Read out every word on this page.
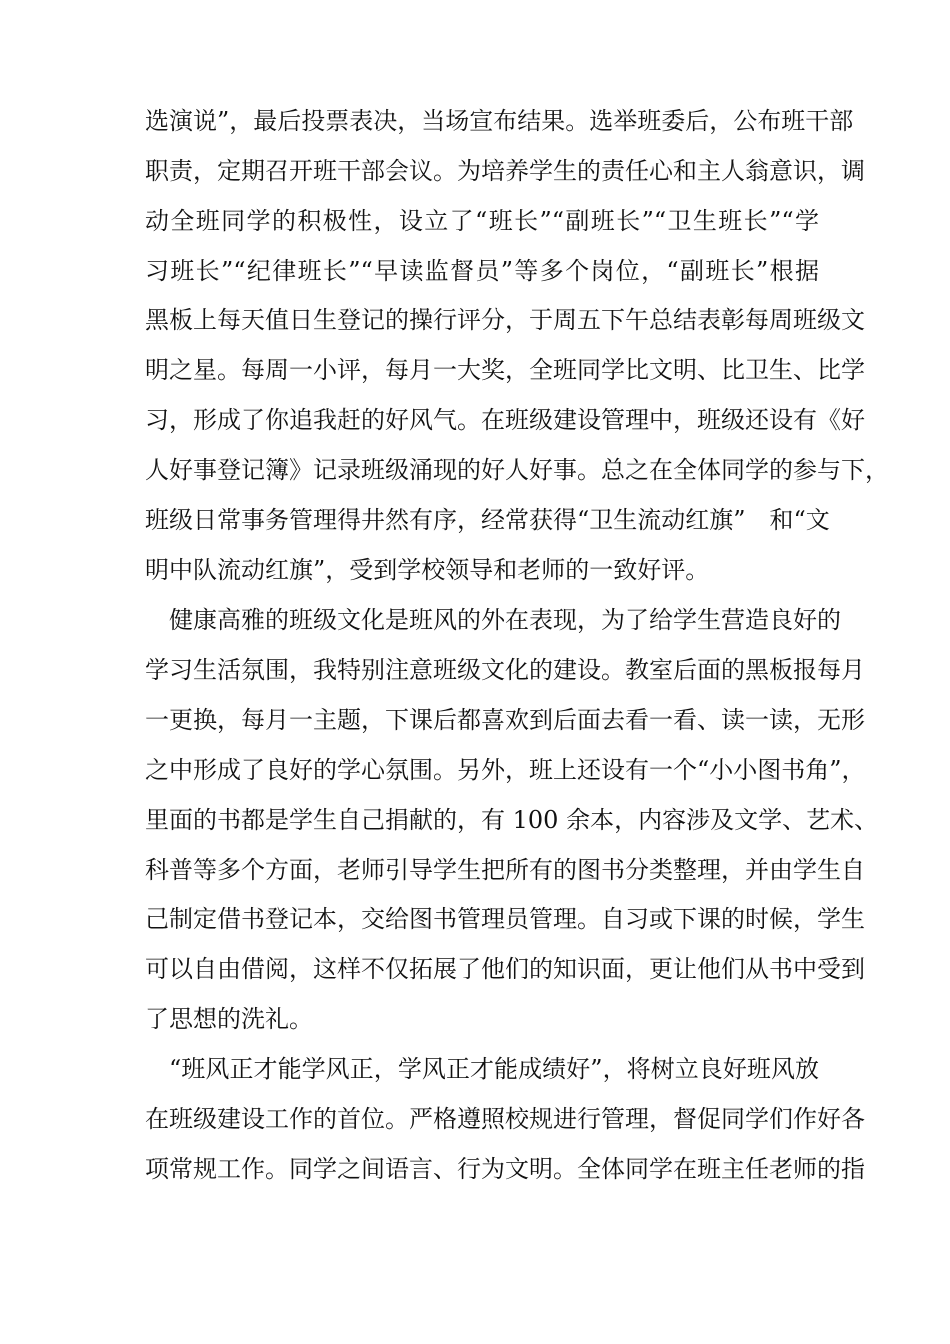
选演说”，最后投票表决，当场宣布结果。选举班委后，公布班干部
职责，定期召开班干部会议。为培养学生的责任心和主人翁意识，调
动全班同学的积极性，设立了“班长”“副班长”“卫生班长”“学
习班长”“纪律班长”“早读监督员”等多个岗位，“副班长”根据
黑板上每天值日生登记的操行评分，于周五下午总结表彰每周班级文
明之星。每周一小评，每月一大奖，全班同学比文明、比卫生、比学
习，形成了你追我赶的好风气。在班级建设管理中，班级还设有《好
人好事登记簿》记录班级涌现的好人好事。总之在全体同学的参与下，
班级日常事务管理得井然有序，经常获得“卫生流动红旗”　和“文
明中队流动红旗”，受到学校领导和老师的一致好评。
　健康高雅的班级文化是班风的外在表现，为了给学生营造良好的
学习生活氛围，我特别注意班级文化的建设。教室后面的黑板报每月
一更换，每月一主题，下课后都喜欢到后面去看一看、读一读，无形
之中形成了良好的学心氛围。另外，班上还设有一个“小小图书角”，
里面的书都是学生自己捐献的，有 100 余本，内容涉及文学、艺术、
科普等多个方面，老师引导学生把所有的图书分类整理，并由学生自
己制定借书登记本，交给图书管理员管理。自习或下课的时候，学生
可以自由借阅，这样不仅拓展了他们的知识面，更让他们从书中受到
了思想的洗礼。
　“班风正才能学风正，学风正才能成绩好”，将树立良好班风放
在班级建设工作的首位。严格遵照校规进行管理，督促同学们作好各
项常规工作。同学之间语言、行为文明。全体同学在班主任老师的指
